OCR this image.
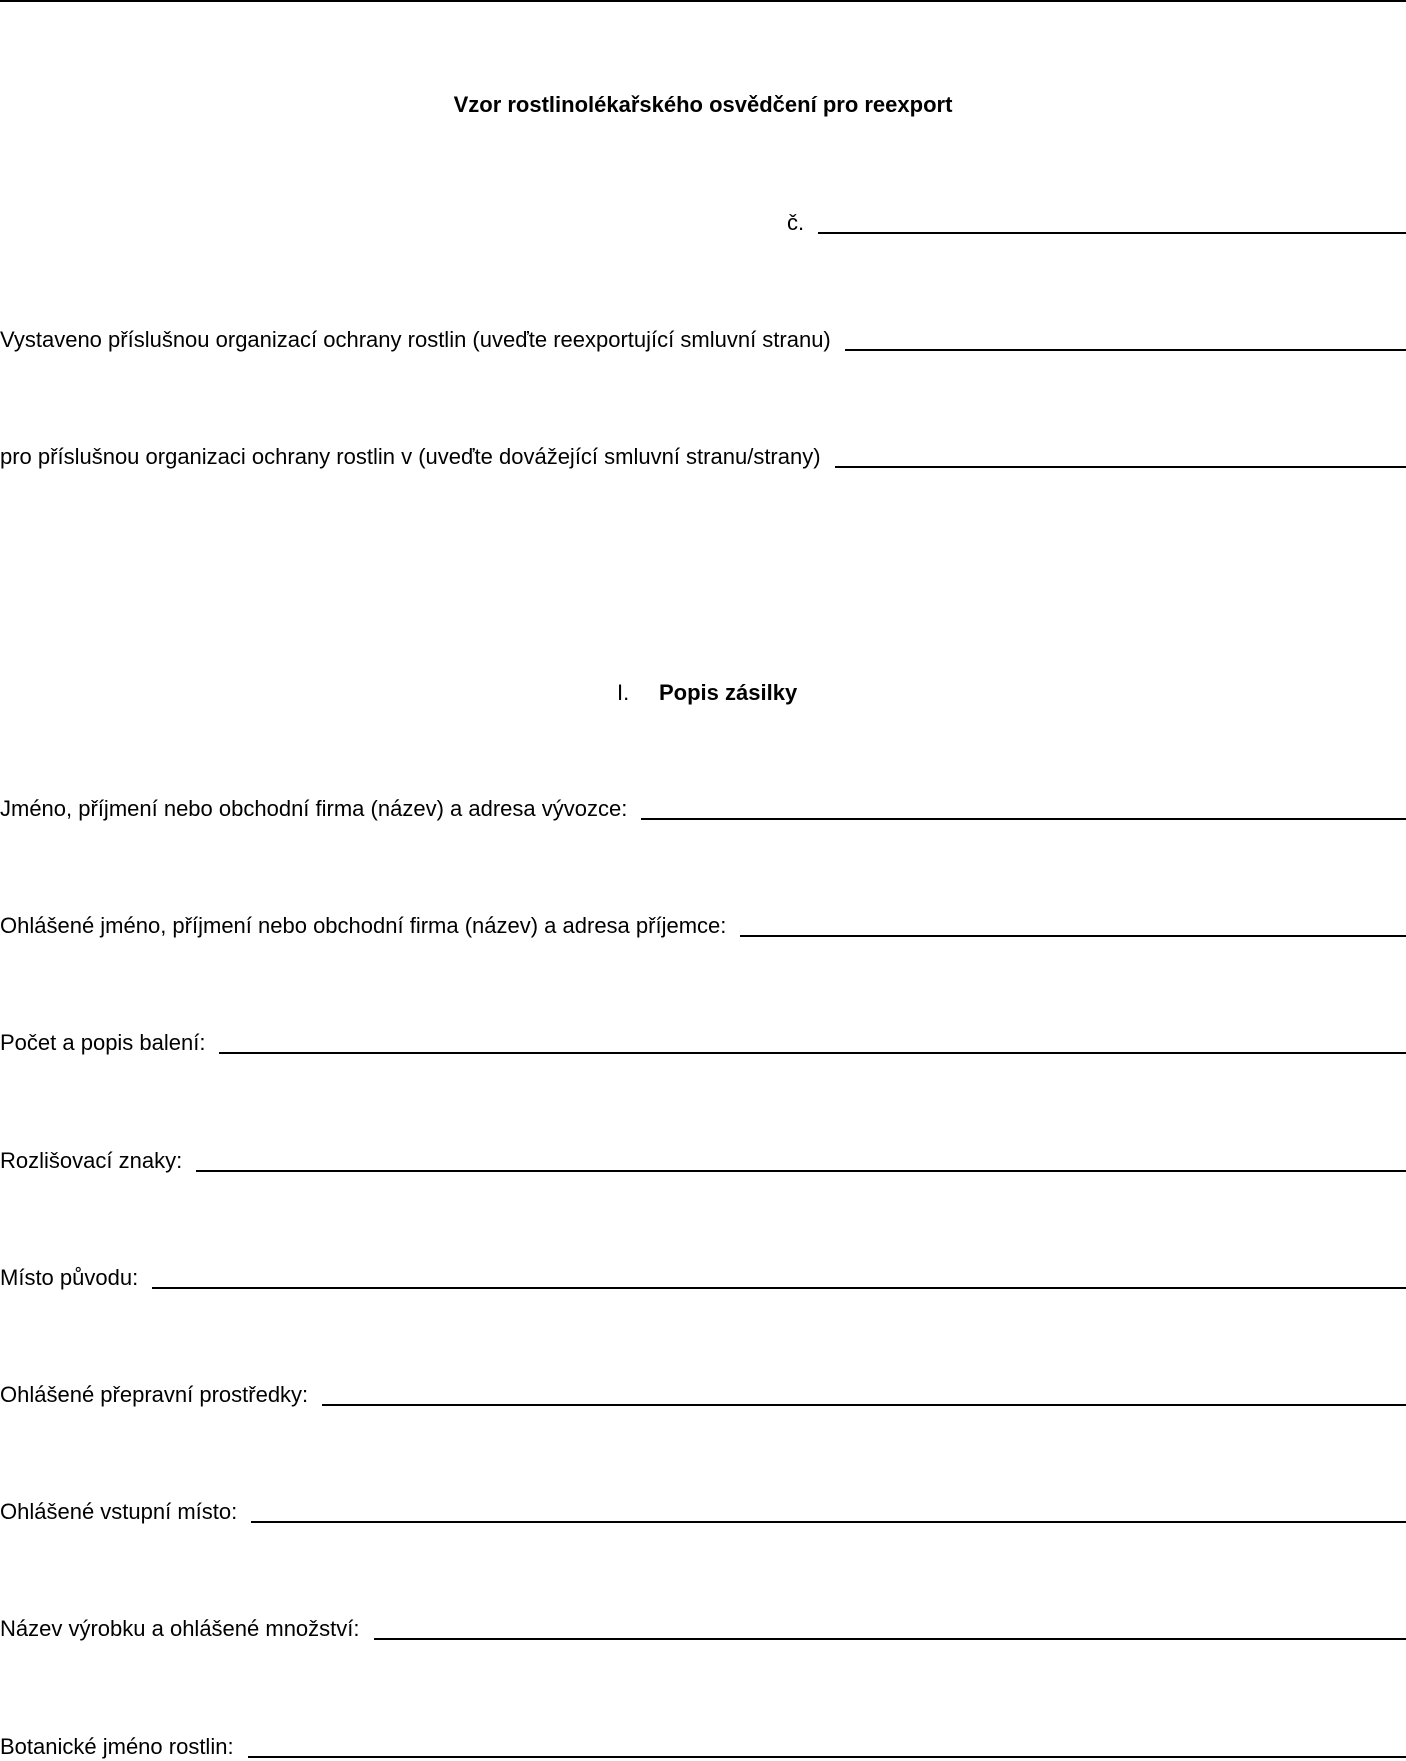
Vzor rostlinolékařského osvědčení pro reexport
č.
Vystaveno příslušnou organizací ochrany rostlin (uveďte reexportující smluvní stranu)
pro příslušnou organizaci ochrany rostlin v (uveďte dovážející smluvní stranu/strany)
I. Popis zásilky
Jméno, příjmení nebo obchodní firma (název) a adresa vývozce:
Ohlášené jméno, příjmení nebo obchodní firma (název) a adresa příjemce:
Počet a popis balení:
Rozlišovací znaky:
Místo původu:
Ohlášené přepravní prostředky:
Ohlášené vstupní místo:
Název výrobku a ohlášené množství:
Botanické jméno rostlin:
